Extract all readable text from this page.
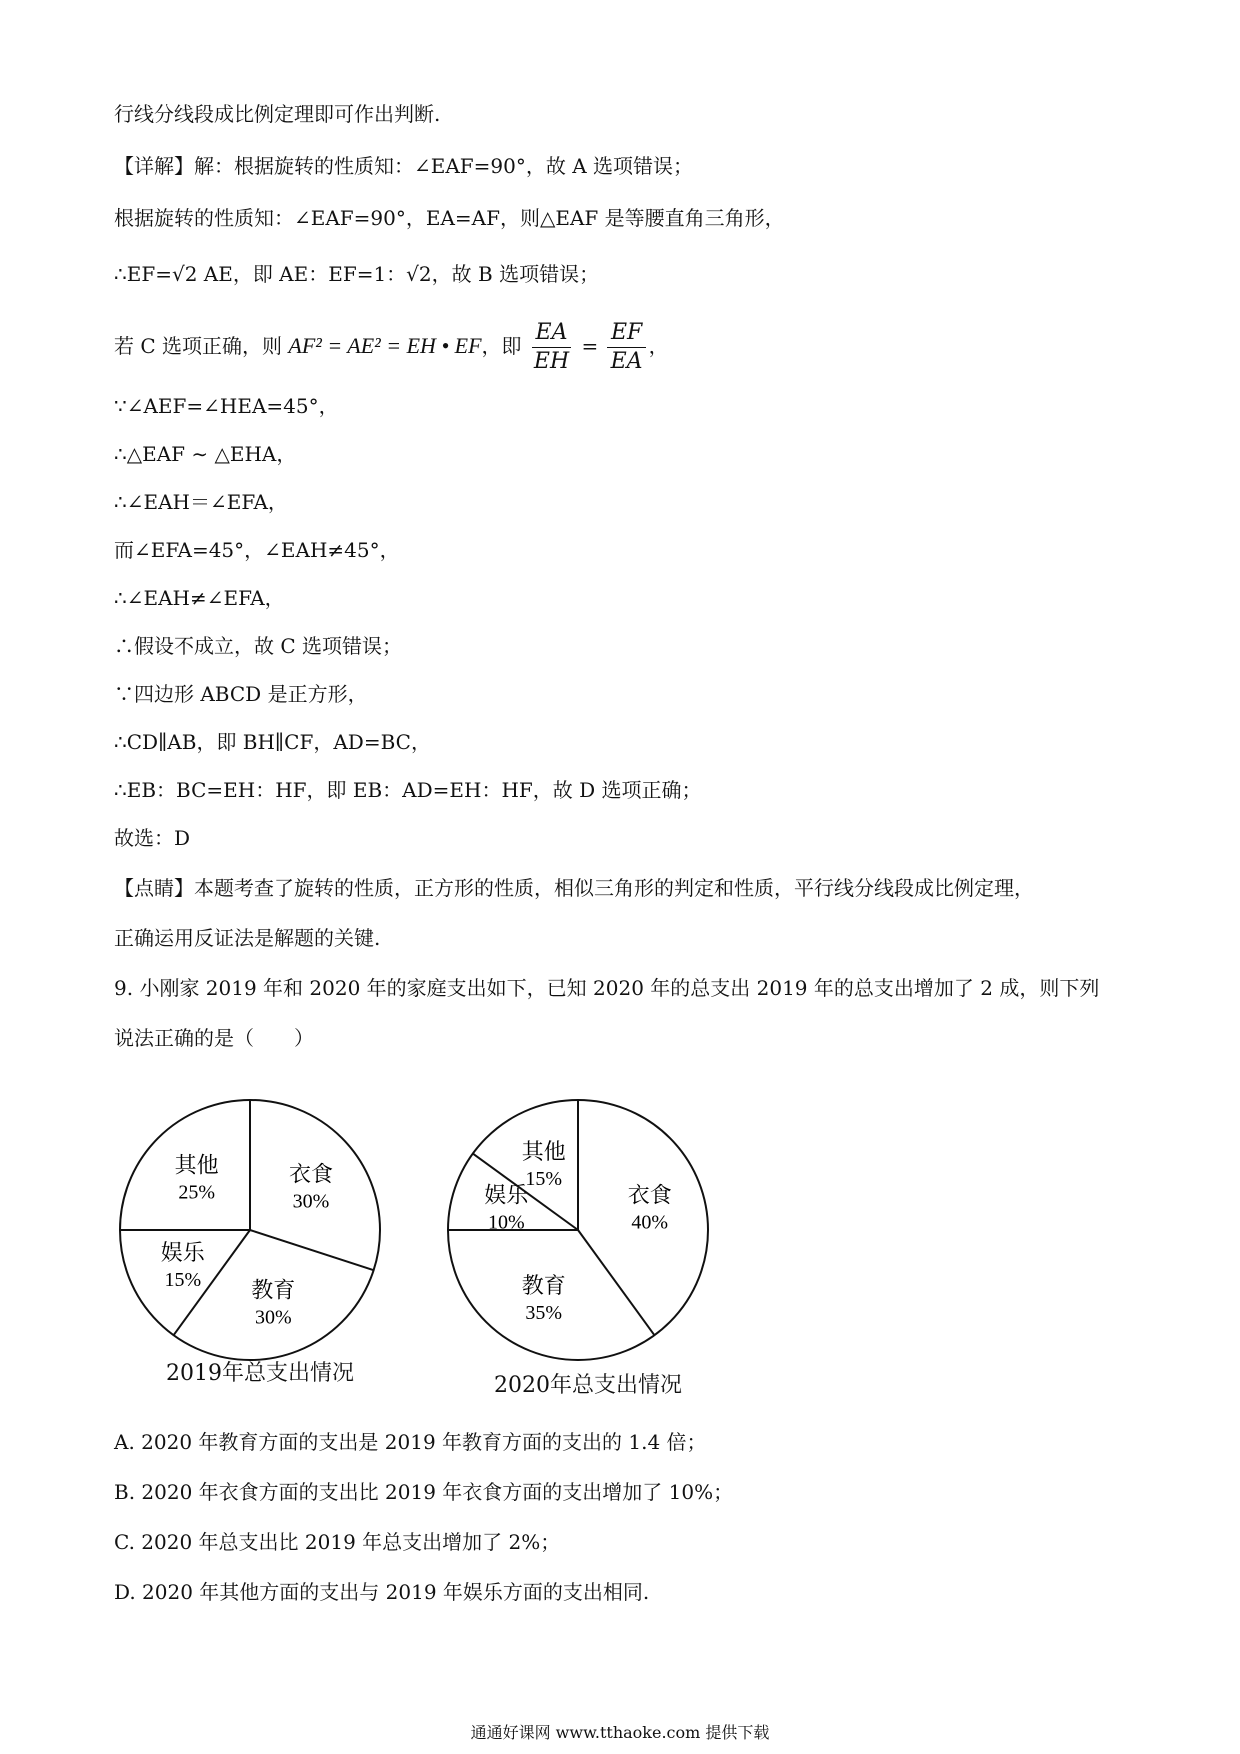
行线分线段成比例定理即可作出判断.
【详解】解：根据旋转的性质知：∠EAF=90°，故 A 选项错误；
根据旋转的性质知：∠EAF=90°，EA=AF，则△EAF 是等腰直角三角形，
∴EF=√2 AE，即 AE：EF=1：√2，故 B 选项错误；
若 C 选项正确，则 AF² = AE² = EH • EF，即 $\frac{EA}{EH} = \frac{EF}{EA}$ ，
∵∠AEF=∠HEA=45°，
∴△EAF ∼ △EHA，
∴∠EAH＝∠EFA，
而∠EFA=45°，∠EAH≠45°，
∴∠EAH≠∠EFA，
∴假设不成立，故 C 选项错误；
∵四边形 ABCD 是正方形，
∴CD∥AB，即 BH∥CF，AD=BC，
∴EB：BC=EH：HF，即 EB：AD=EH：HF，故 D 选项正确；
故选：D
【点睛】本题考查了旋转的性质，正方形的性质，相似三角形的判定和性质，平行线分线段成比例定理，
正确运用反证法是解题的关键.
9. 小刚家 2019 年和 2020 年的家庭支出如下，已知 2020 年的总支出 2019 年的总支出增加了 2 成，则下列
说法正确的是（　　）
衣食
30%
教育
30%
娱乐
15%
其他
25%	衣食
40%
教育
35%
娱乐
10%
其他
15%
2019年总支出情况	2020年总支出情况
A. 2020 年教育方面的支出是 2019 年教育方面的支出的 1.4 倍；
B. 2020 年衣食方面的支出比 2019 年衣食方面的支出增加了 10%；
C. 2020 年总支出比 2019 年总支出增加了 2%；
D. 2020 年其他方面的支出与 2019 年娱乐方面的支出相同.
通通好课网 www.tthaoke.com 提供下载
